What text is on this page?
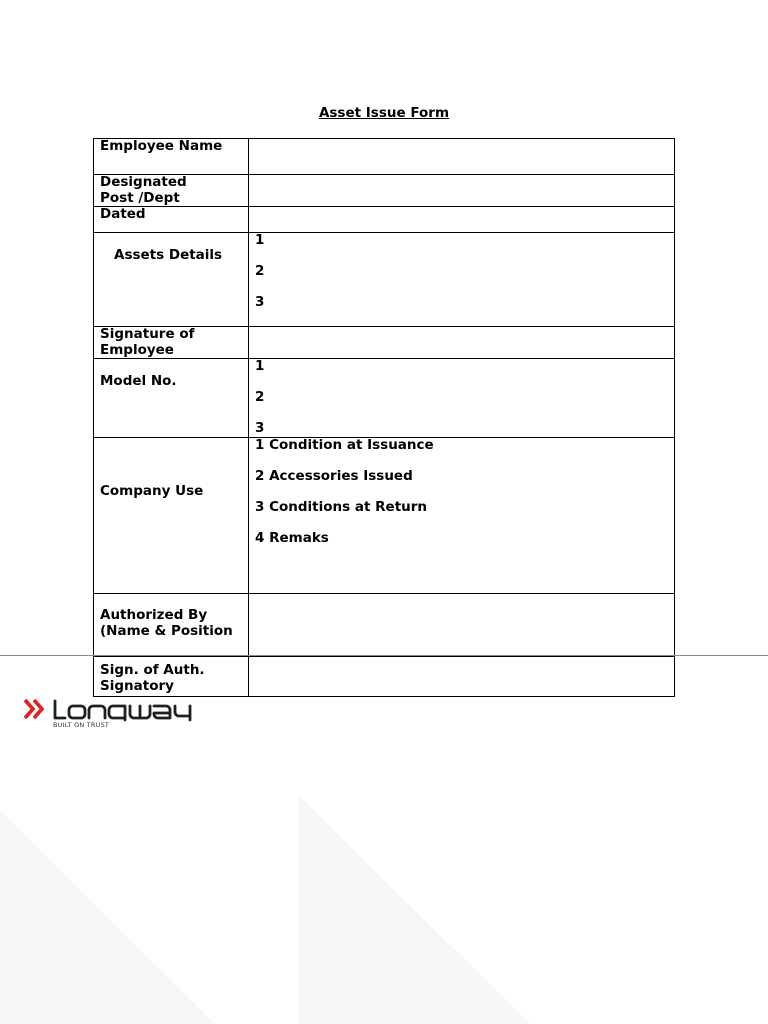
Asset Issue Form
Employee Name	

Designated
Post /Dept	

Dated	
Assets Details	1
2
3

Signature of
Employee	

Model No.	1
2
3

Company Use	1 Condition at Issuance
2 Accessories Issued
3 Conditions at Return
4 Remaks

Authorized By
(Name & Position	

Sign. of Auth.
Signatory	

BUILT ON TRUST
